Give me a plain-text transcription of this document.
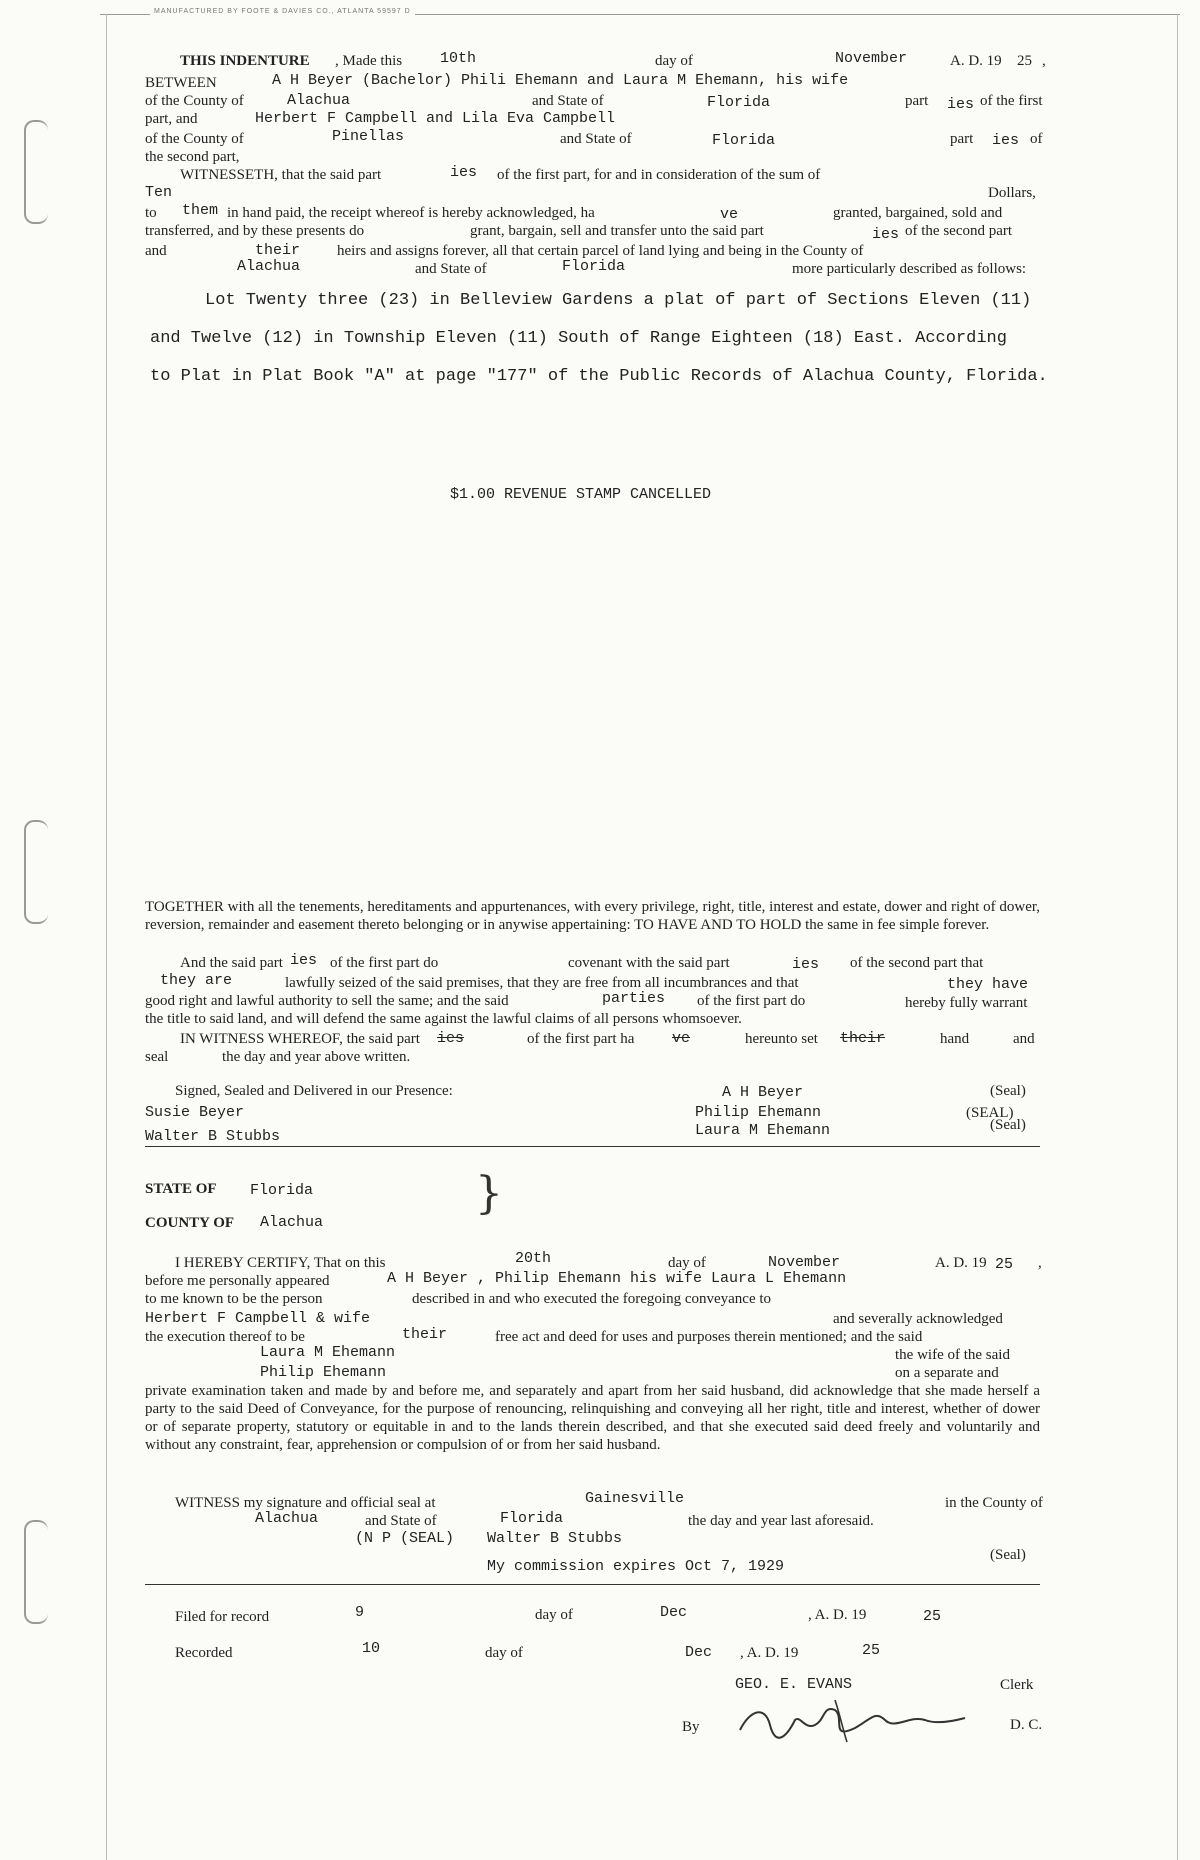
MANUFACTURED BY FOOTE & DAVIES CO., ATLANTA 59597 D
THIS INDENTURE , Made this	10th	day of	November	A. D. 19 25 ,
BETWEEN	A H Beyer (Bachelor) Phili Ehemann and Laura M Ehemann, his wife
of the County of	Alachua	and State of	Florida	part ies of the first
part, and	Herbert F Campbell and Lila Eva Campbell
of the County of	Pinellas	and State of	Florida	part ies of
the second part,
WITNESSETH, that the said part	ies of the first part, for and in consideration of the sum of
Ten	Dollars,
to them in hand paid, the receipt whereof is hereby acknowledged, ha	ve	granted, bargained, sold and
transferred, and by these presents do	grant, bargain, sell and transfer unto the said part	ies of the second part
and	their heirs and assigns forever, all that certain parcel of land lying and being in the County of
Alachua	and State of	Florida	more particularly described as follows:
Lot Twenty three (23) in Belleview Gardens a plat of part of Sections Eleven (11)
and Twelve (12) in Township Eleven (11) South of Range Eighteen (18) East. According
to Plat in Plat Book "A" at page "177" of the Public Records of Alachua County, Florida.
$1.00 REVENUE STAMP CANCELLED
TOGETHER with all the tenements, hereditaments and appurtenances, with every privilege, right, title, interest and estate, dower and right of dower, reversion, remainder and easement thereto belonging or in anywise appertaining: TO HAVE AND TO HOLD the same in fee simple forever.
And the said part ies of the first part do	covenant with the said part	ies of the second part that
they are	lawfully seized of the said premises, that they are free from all incumbrances and that	they have
good right and lawful authority to sell the same; and the said	parties of the first part do	hereby fully warrant
the title to said land, and will defend the same against the lawful claims of all persons whomsoever.
IN WITNESS WHEREOF, the said part ies	of the first part ha	ve	hereunto set their	hand	and
seal	the day and year above written.
Signed, Sealed and Delivered in our Presence:
Susie Beyer
Walter B Stubbs
A H Beyer
Philip Ehemann
Laura M Ehemann
(Seal)
(SEAL)
(Seal)
STATE OF Florida	}
COUNTY OF Alachua
I HEREBY CERTIFY, That on this	20th	day of	November	A. D. 19 25 ,
before me personally appeared	A H Beyer , Philip Ehemann his wife Laura L Ehemann
to me known to be the person	described in and who executed the foregoing conveyance to
Herbert F Campbell & wife	and severally acknowledged
the execution thereof to be	their	free act and deed for uses and purposes therein mentioned; and the said
Laura M Ehemann	the wife of the said
Philip Ehemann	on a separate and
private examination taken and made by and before me, and separately and apart from her said husband, did acknowledge that she made herself a party to the said Deed of Conveyance, for the purpose of renouncing, relinquishing and conveying all her right, title and interest, whether of dower or of separate property, statutory or equitable in and to the lands therein described, and that she executed said deed freely and voluntarily and without any constraint, fear, apprehension or compulsion of or from her said husband.
WITNESS my signature and official seal at	Gainesville	in the County of
Alachua	and State of	Florida	the day and year last aforesaid.
(N P (SEAL) Walter B Stubbs
My commission expires Oct 7, 1929
(Seal)
Filed for record	9	day of	Dec	, A. D. 19	25
Recorded	10	day of	Dec , A. D. 19	25
GEO. E. EVANS	Clerk
By	D. C.
